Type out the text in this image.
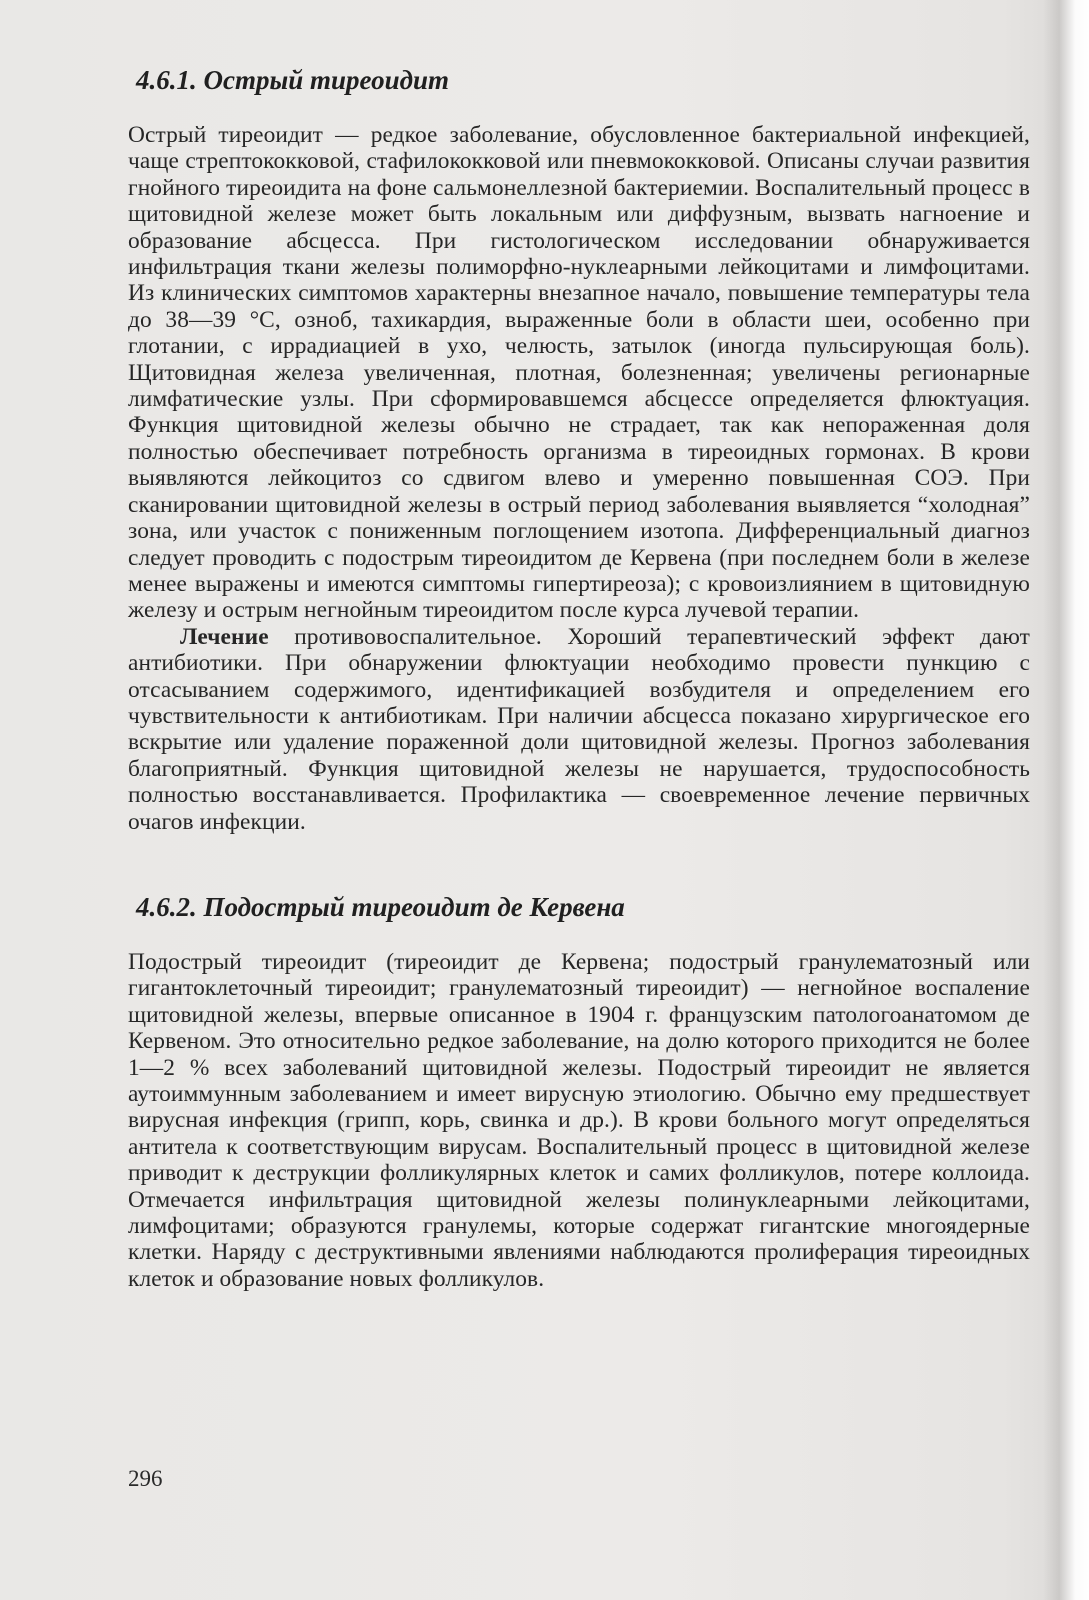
4.6.1. Острый тиреоидит

Острый тиреоидит — редкое заболевание, обусловленное бактериальной инфекцией, чаще стрептококковой, стафилококковой или пневмококковой. Описаны случаи развития гнойного тиреоидита на фоне сальмонеллезной бактериемии. Воспалительный процесс в щитовидной железе может быть локальным или диффузным, вызвать нагноение и образование абсцесса. При гистологическом исследовании обнаруживается инфильтрация ткани железы полиморфно-нуклеарными лейкоцитами и лимфоцитами. Из клинических симптомов характерны внезапное начало, повышение температуры тела до 38—39 °С, озноб, тахикардия, выраженные боли в области шеи, особенно при глотании, с иррадиацией в ухо, челюсть, затылок (иногда пульсирующая боль). Щитовидная железа увеличенная, плотная, болезненная; увеличены регионарные лимфатические узлы. При сформировавшемся абсцессе определяется флюктуация. Функция щитовидной железы обычно не страдает, так как непораженная доля полностью обеспечивает потребность организма в тиреоидных гормонах. В крови выявляются лейкоцитоз со сдвигом влево и умеренно повышенная СОЭ. При сканировании щитовидной железы в острый период заболевания выявляется “холодная” зона, или участок с пониженным поглощением изотопа. Дифференциальный диагноз следует проводить с подострым тиреоидитом де Кервена (при последнем боли в железе менее выражены и имеются симптомы гипертиреоза); с кровоизлиянием в щитовидную железу и острым негнойным тиреоидитом после курса лучевой терапии.

Лечение противовоспалительное. Хороший терапевтический эффект дают антибиотики. При обнаружении флюктуации необходимо провести пункцию с отсасыванием содержимого, идентификацией возбудителя и определением его чувствительности к антибиотикам. При наличии абсцесса показано хирургическое его вскрытие или удаление пораженной доли щитовидной железы. Прогноз заболевания благоприятный. Функция щитовидной железы не нарушается, трудоспособность полностью восстанавливается. Профилактика — своевременное лечение первичных очагов инфекции.

4.6.2. Подострый тиреоидит де Кервена

Подострый тиреоидит (тиреоидит де Кервена; подострый гранулематозный или гигантоклеточный тиреоидит; гранулематозный тиреоидит) — негнойное воспаление щитовидной железы, впервые описанное в 1904 г. французским патологоанатомом де Кервеном. Это относительно редкое заболевание, на долю которого приходится не более 1—2 % всех заболеваний щитовидной железы. Подострый тиреоидит не является аутоиммунным заболеванием и имеет вирусную этиологию. Обычно ему предшествует вирусная инфекция (грипп, корь, свинка и др.). В крови больного могут определяться антитела к соответствующим вирусам. Воспалительный процесс в щитовидной железе приводит к деструкции фолликулярных клеток и самих фолликулов, потере коллоида. Отмечается инфильтрация щитовидной железы полинуклеарными лейкоцитами, лимфоцитами; образуются гранулемы, которые содержат гигантские многоядерные клетки. Наряду с деструктивными явлениями наблюдаются пролиферация тиреоидных клеток и образование новых фолликулов.

296
